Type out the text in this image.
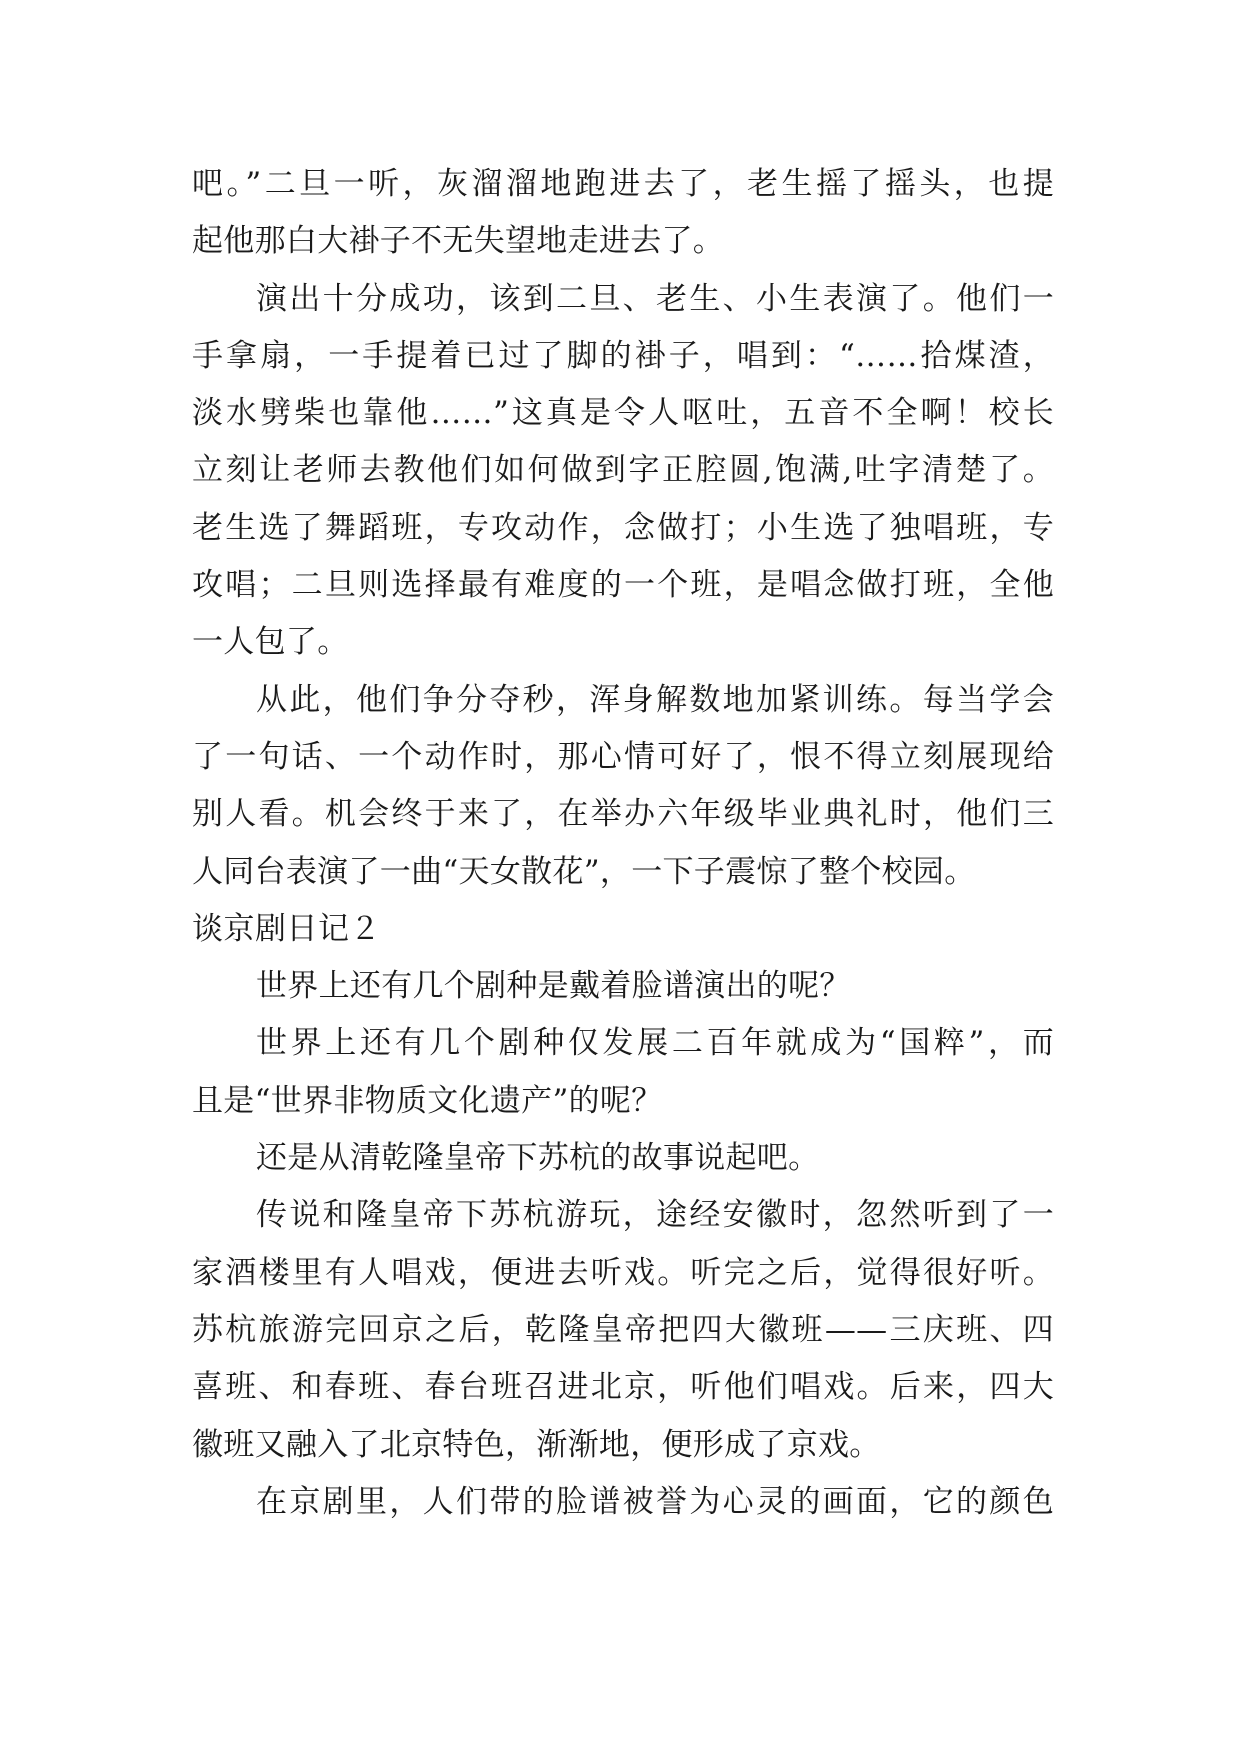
吧。”二旦一听，灰溜溜地跑进去了，老生摇了摇头，也提
起他那白大褂子不无失望地走进去了。
演出十分成功，该到二旦、老生、小生表演了。他们一
手拿扇，一手提着已过了脚的褂子，唱到：“……拾煤渣，
淡水劈柴也靠他……”这真是令人呕吐，五音不全啊！校长
立刻让老师去教他们如何做到字正腔圆,饱满,吐字清楚了。
老生选了舞蹈班，专攻动作，念做打；小生选了独唱班，专
攻唱；二旦则选择最有难度的一个班，是唱念做打班，全他
一人包了。
从此，他们争分夺秒，浑身解数地加紧训练。每当学会
了一句话、一个动作时，那心情可好了，恨不得立刻展现给
别人看。机会终于来了，在举办六年级毕业典礼时，他们三
人同台表演了一曲“天女散花”，一下子震惊了整个校园。
谈京剧日记２
世界上还有几个剧种是戴着脸谱演出的呢？
世界上还有几个剧种仅发展二百年就成为“国粹”，而
且是“世界非物质文化遗产”的呢？
还是从清乾隆皇帝下苏杭的故事说起吧。
传说和隆皇帝下苏杭游玩，途经安徽时，忽然听到了一
家酒楼里有人唱戏，便进去听戏。听完之后，觉得很好听。
苏杭旅游完回京之后，乾隆皇帝把四大徽班——三庆班、四
喜班、和春班、春台班召进北京，听他们唱戏。后来，四大
徽班又融入了北京特色，渐渐地，便形成了京戏。
在京剧里，人们带的脸谱被誉为心灵的画面，它的颜色
